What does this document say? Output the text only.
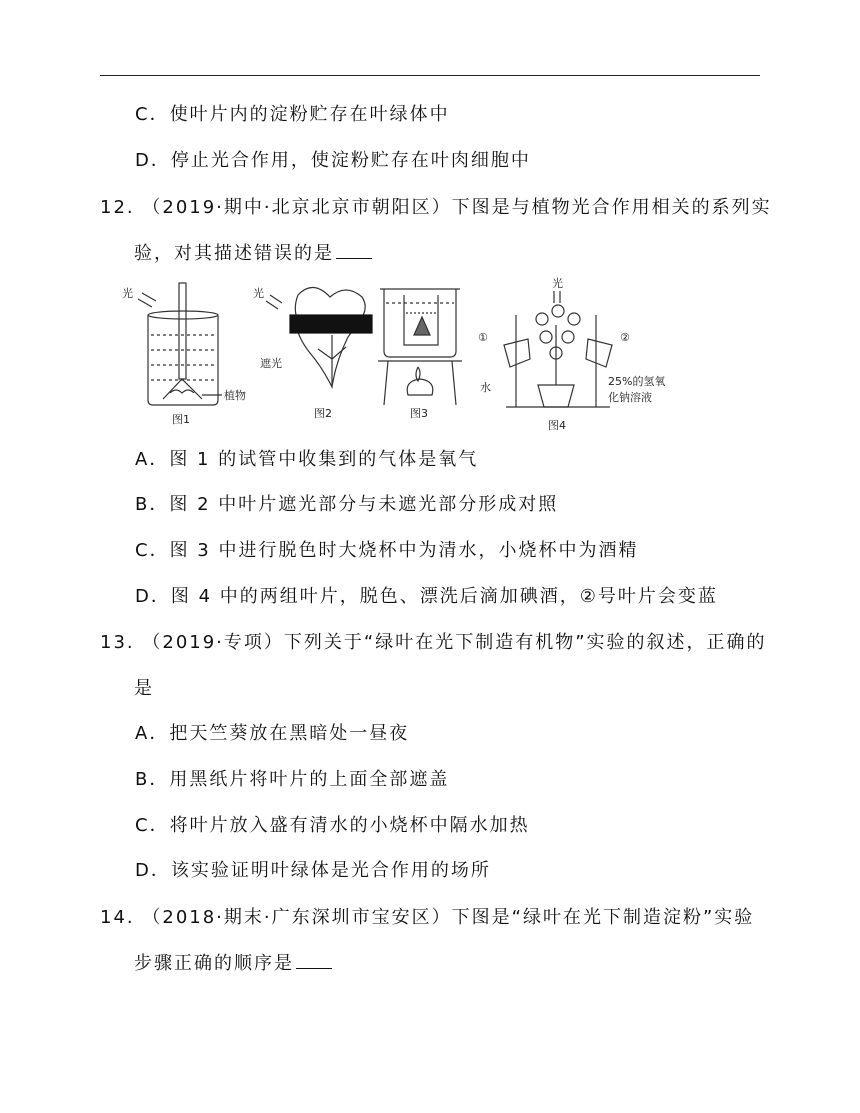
C．使叶片内的淀粉贮存在叶绿体中
D．停止光合作用，使淀粉贮存在叶肉细胞中
12. （2019·期中·北京北京市朝阳区）下图是与植物光合作用相关的系列实
验，对其描述错误的是
光
植物
图1
光
遮光
图2	图3
光
①	②
水	25%的氢氧
化钠溶液
图4
A．图 1 的试管中收集到的气体是氧气
B．图 2 中叶片遮光部分与未遮光部分形成对照
C．图 3 中进行脱色时大烧杯中为清水，小烧杯中为酒精
D．图 4 中的两组叶片，脱色、漂洗后滴加碘酒，②号叶片会变蓝
13. （2019·专项）下列关于“绿叶在光下制造有机物”实验的叙述，正确的
是
A．把天竺葵放在黑暗处一昼夜
B．用黑纸片将叶片的上面全部遮盖
C．将叶片放入盛有清水的小烧杯中隔水加热
D．该实验证明叶绿体是光合作用的场所
14. （2018·期末·广东深圳市宝安区）下图是“绿叶在光下制造淀粉”实验
步骤正确的顺序是
